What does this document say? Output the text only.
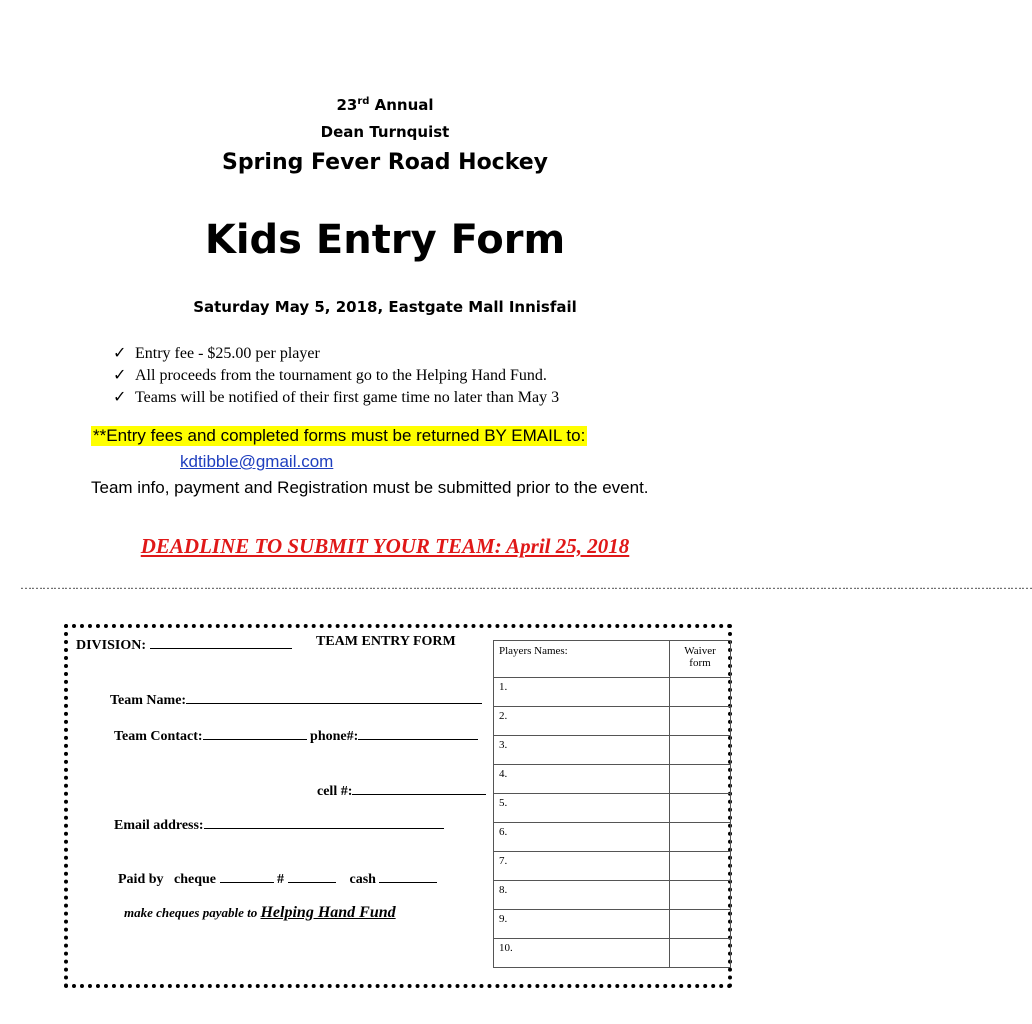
23rd Annual
Dean Turnquist
Spring Fever Road Hockey
Kids Entry Form
Saturday May 5, 2018, Eastgate Mall Innisfail
✓ Entry fee - $25.00 per player
✓ All proceeds from the tournament go to the Helping Hand Fund.
✓ Teams will be notified of their first game time no later than May 3
**Entry fees and completed forms must be returned BY EMAIL to:
kdtibble@gmail.com
Team info, payment and Registration must be submitted prior to the event.
DEADLINE TO SUBMIT YOUR TEAM: April 25, 2018
……………………………………………………………………………………………………………………………………………………………………………………………………………………………………………………
DIVISION:	TEAM ENTRY FORM
Team Name:
Team Contact:	phone#:
cell #:
Email address:
Paid by cheque	#	cash
make cheques payable to Helping Hand Fund
Players Names:	Waiver form
1.	
2.	
3.	
4.	
5.	
6.	
7.	
8.	
9.	
10.	
